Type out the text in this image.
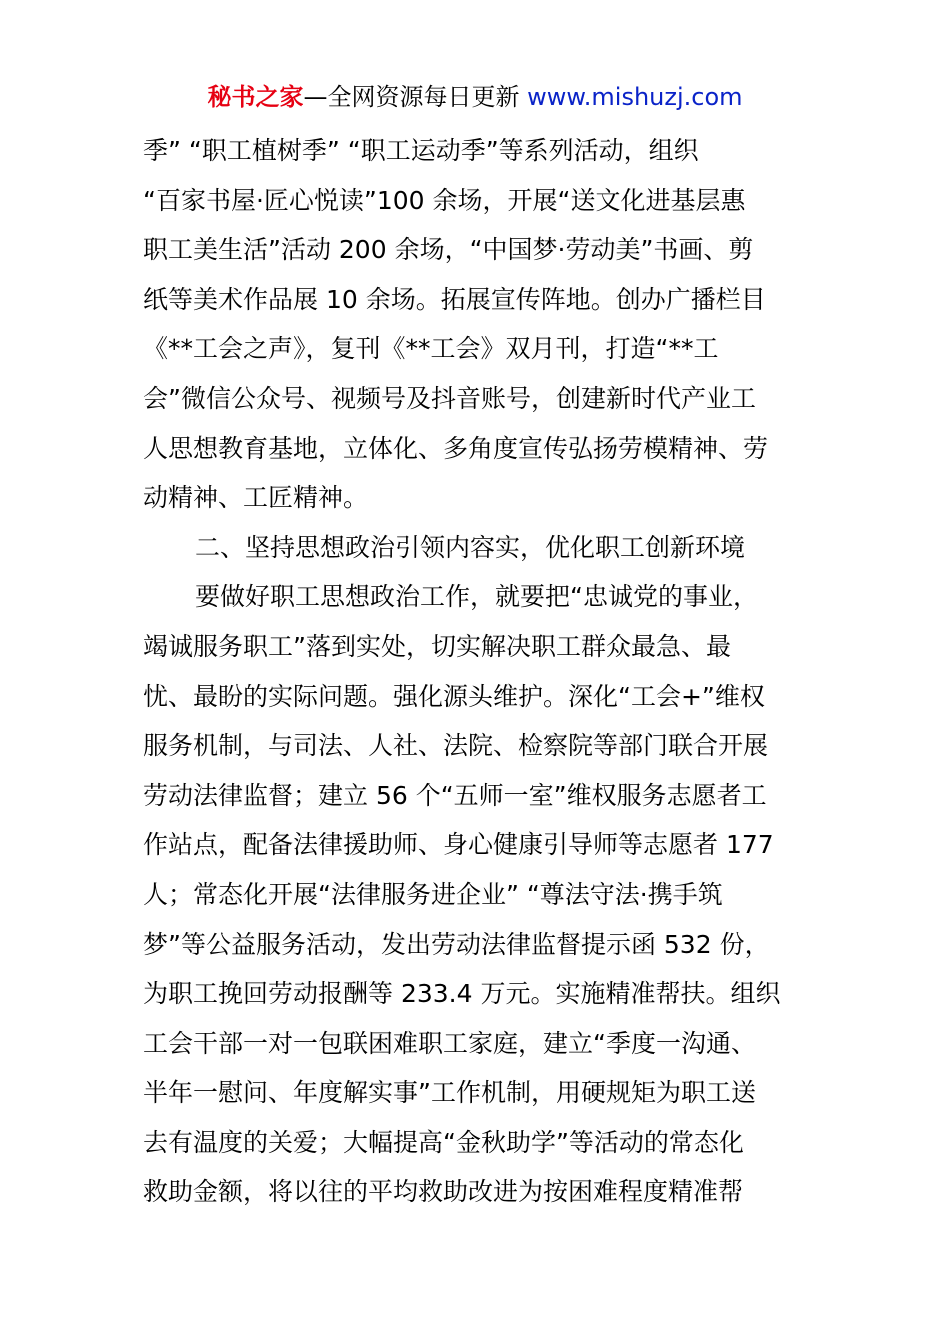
秘书之家—全网资源每日更新 www.mishuzj.com
季” “职工植树季” “职工运动季”等系列活动，组织
“百家书屋·匠心悦读”100 余场，开展“送文化进基层惠
职工美生活”活动 200 余场，“中国梦·劳动美”书画、剪
纸等美术作品展 10 余场。拓展宣传阵地。创办广播栏目
《**工会之声》，复刊《**工会》双月刊，打造“**工
会”微信公众号、视频号及抖音账号，创建新时代产业工
人思想教育基地，立体化、多角度宣传弘扬劳模精神、劳
动精神、工匠精神。
二、坚持思想政治引领内容实，优化职工创新环境
要做好职工思想政治工作，就要把“忠诚党的事业，
竭诚服务职工”落到实处，切实解决职工群众最急、最
忧、最盼的实际问题。强化源头维护。深化“工会+”维权
服务机制，与司法、人社、法院、检察院等部门联合开展
劳动法律监督；建立 56 个“五师一室”维权服务志愿者工
作站点，配备法律援助师、身心健康引导师等志愿者 177
人；常态化开展“法律服务进企业” “尊法守法·携手筑
梦”等公益服务活动，发出劳动法律监督提示函 532 份，
为职工挽回劳动报酬等 233.4 万元。实施精准帮扶。组织
工会干部一对一包联困难职工家庭，建立“季度一沟通、
半年一慰问、年度解实事”工作机制，用硬规矩为职工送
去有温度的关爱；大幅提高“金秋助学”等活动的常态化
救助金额，将以往的平均救助改进为按困难程度精准帮
